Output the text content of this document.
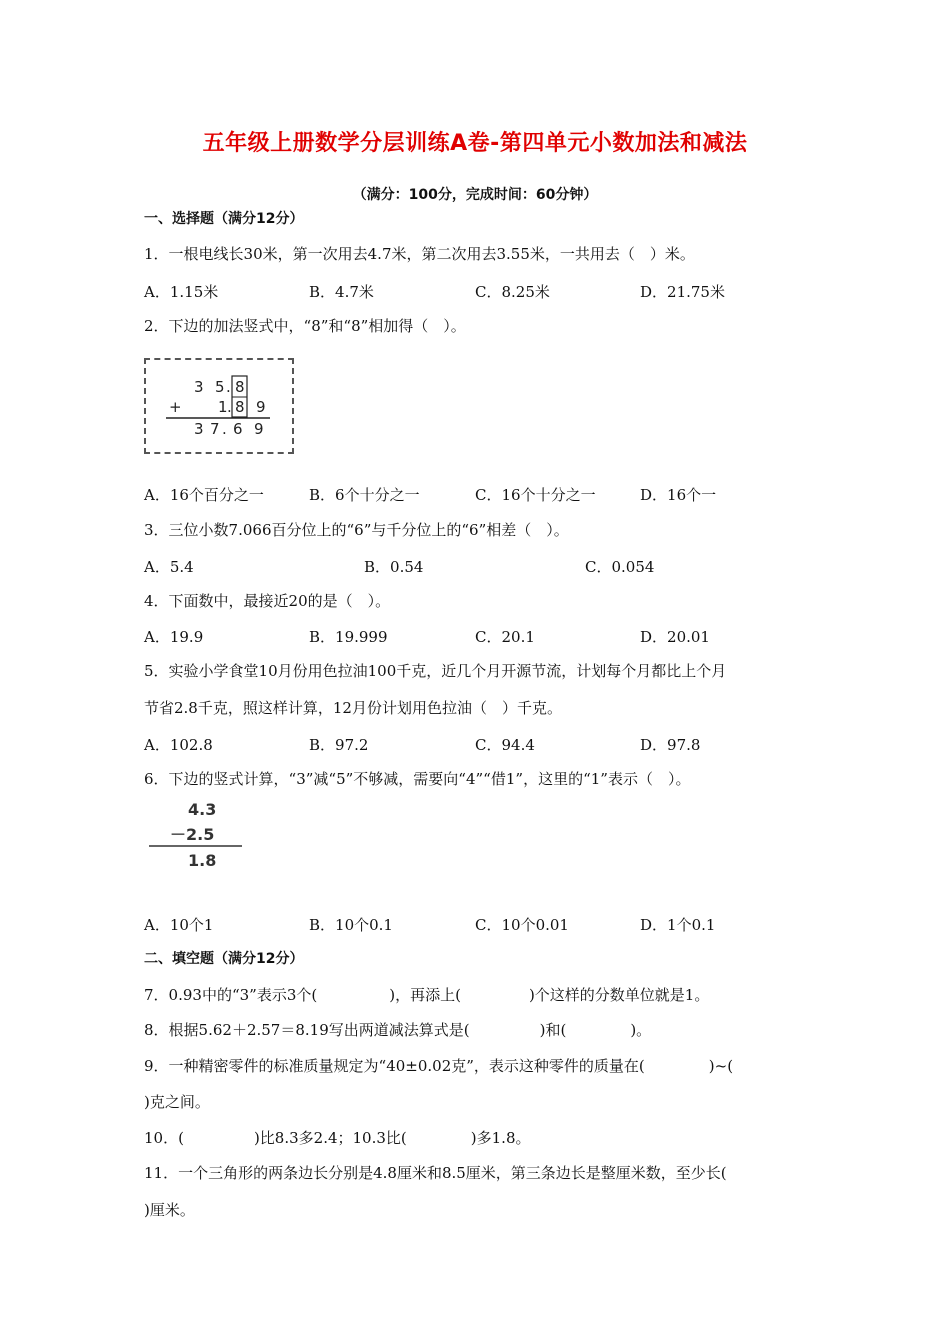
五年级上册数学分层训练A卷-第四单元小数加法和减法
（满分：100分，完成时间：60分钟）
一、选择题（满分12分）
1．一根电线长30米，第一次用去4.7米，第二次用去3.55米，一共用去（　）米。
A．1.15米	B．4.7米	C．8.25米	D．21.75米
2．下边的加法竖式中，“8”和“8”相加得（　）。
3 5 . 8
+ 1 . 8 9
3 7 . 6 9
A．16个百分之一	B．6个十分之一	C．16个十分之一	D．16个一
3．三位小数7.066百分位上的“6”与千分位上的“6”相差（　）。
A．5.4	B．0.54	C．0.054
4．下面数中，最接近20的是（　）。
A．19.9	B．19.999	C．20.1	D．20.01
5．实验小学食堂10月份用色拉油100千克，近几个月开源节流，计划每个月都比上个月
节省2.8千克，照这样计算，12月份计划用色拉油（　）千克。
A．102.8	B．97.2	C．94.4	D．97.8
6．下边的竖式计算，“3”减“5”不够减，需要向“4”“借1”，这里的“1”表示（　）。
4.3
－2.5
1.8
A．10个1	B．10个0.1	C．10个0.01	D．1个0.1
二、填空题（满分12分）
7．0.93中的“3”表示3个(	)，再添上(	)个这样的分数单位就是1。
8．根据5.62＋2.57＝8.19写出两道减法算式是(	)和(	)。
9．一种精密零件的标准质量规定为“40±0.02克”，表示这种零件的质量在(	)~(
)克之间。
10．(	)比8.3多2.4；10.3比(	)多1.8。
11．一个三角形的两条边长分别是4.8厘米和8.5厘米，第三条边长是整厘米数，至少长(
)厘米。
